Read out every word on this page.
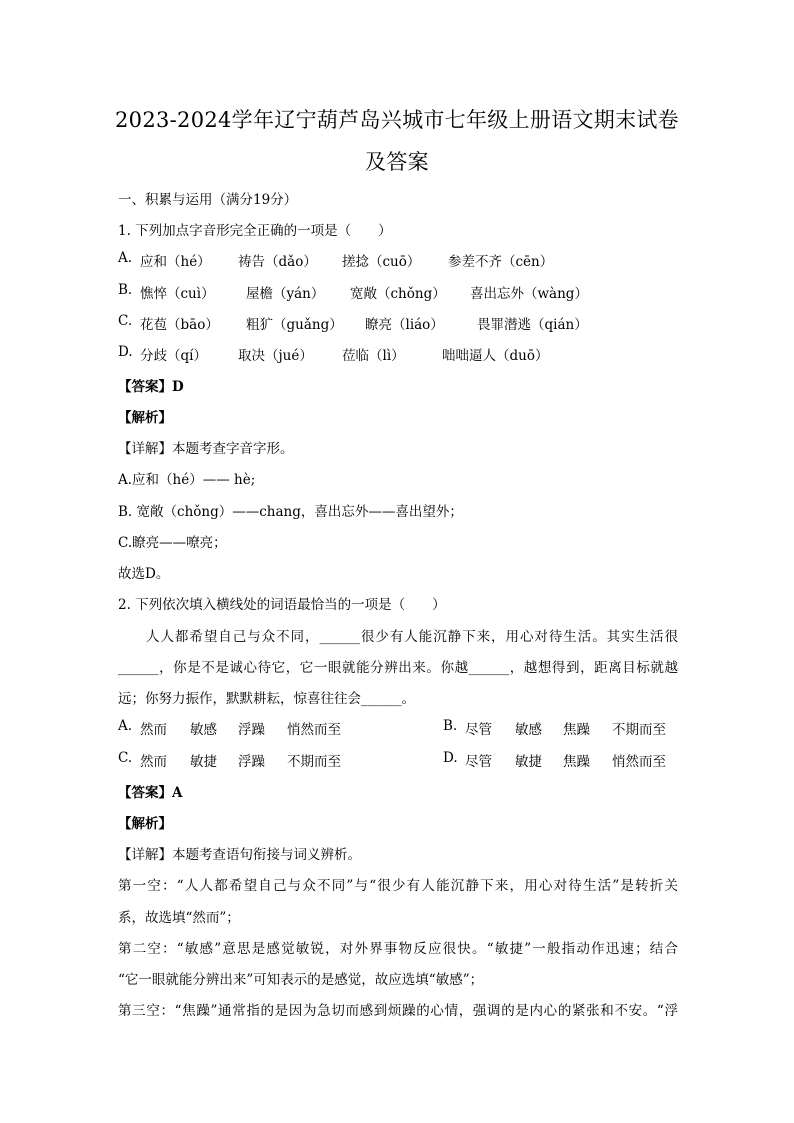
2023-2024学年辽宁葫芦岛兴城市七年级上册语文期末试卷
及答案
一、积累与运用（满分19分）
1. 下列加点字音形完全正确的一项是（　　）
A. 应和（hé） 祷告（dǎo） 搓捻（cuō） 参差不齐（cēn）
B. 憔悴（cuì） 屋檐（yán） 宽敞（chǒng） 喜出忘外（wàng）
C. 花苞（bāo） 粗犷（guǎng） 瞭亮（liáo） 畏罪潜逃（qián）
D. 分歧（qí） 取决（jué） 莅临（lì）	咄咄逼人（duō）
【答案】D
【解析】
【详解】本题考查字音字形。
A.应和（hé）—— hè;
B. 宽敞（chǒng）——chang，喜出忘外——喜出望外；
C.瞭亮——嘹亮；
故选D。
2. 下列依次填入横线处的词语最恰当的一项是（　　）
人人都希望自己与众不同，______很少有人能沉静下来，用心对待生活。其实生活很
______，你是不是诚心待它，它一眼就能分辨出来。你越______，越想得到，距离目标就越
远；你努力振作，默默耕耘，惊喜往往会______。
A. 然而 敏感 浮躁 悄然而至	B. 尽管 敏感 焦躁 不期而至
C. 然而 敏捷 浮躁 不期而至	D. 尽管 敏捷 焦躁 悄然而至
【答案】A
【解析】
【详解】本题考查语句衔接与词义辨析。
第一空：“人人都希望自己与众不同”与“很少有人能沉静下来，用心对待生活”是转折关
系，故选填“然而”；
第二空：“敏感”意思是感觉敏锐，对外界事物反应很快。“敏捷”一般指动作迅速；结合
“它一眼就能分辨出来”可知表示的是感觉，故应选填“敏感”；
第三空：“焦躁”通常指的是因为急切而感到烦躁的心情，强调的是内心的紧张和不安。“浮
